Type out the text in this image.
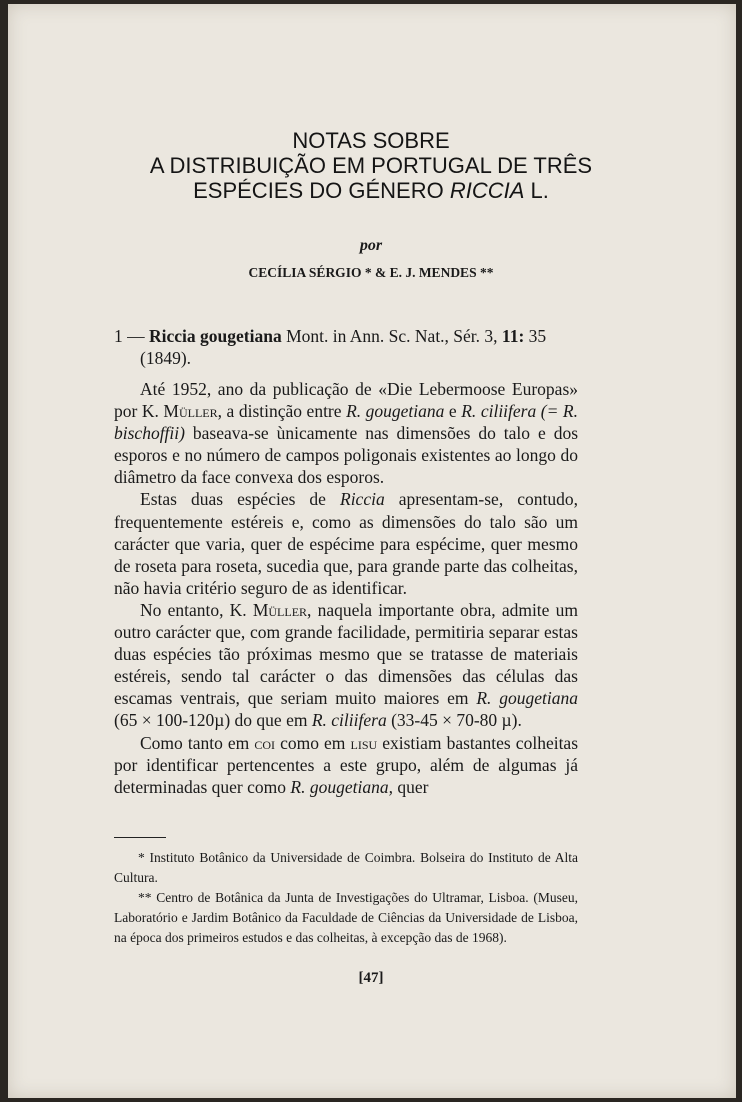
NOTAS SOBRE
A DISTRIBUIÇÃO EM PORTUGAL DE TRÊS
ESPÉCIES DO GÉNERO RICCIA L.
por
CECÍLIA SÉRGIO * & E. J. MENDES **
1 — Riccia gougetiana Mont. in Ann. Sc. Nat., Sér. 3, 11: 35
(1849).

Até 1952, ano da publicação de «Die Lebermoose Europas» por K. Müller, a distinção entre R. gougetiana e R. ciliifera (= R. bischoffii) baseava-se ùnicamente nas dimensões do talo e dos esporos e no número de campos poligonais existentes ao longo do diâmetro da face convexa dos esporos.

Estas duas espécies de Riccia apresentam-se, contudo, frequentemente estéreis e, como as dimensões do talo são um carácter que varia, quer de espécime para espécime, quer mesmo de roseta para roseta, sucedia que, para grande parte das colheitas, não havia critério seguro de as identificar.

No entanto, K. Müller, naquela importante obra, admite um outro carácter que, com grande facilidade, permitiria separar estas duas espécies tão próximas mesmo que se tratasse de materiais estéreis, sendo tal carácter o das dimensões das células das escamas ventrais, que seriam muito maiores em R. gougetiana (65 × 100-120µ) do que em R. ciliifera (33-45 × 70-80 µ).

Como tanto em coi como em lisu existiam bastantes colheitas por identificar pertencentes a este grupo, além de algumas já determinadas quer como R. gougetiana, quer

* Instituto Botânico da Universidade de Coimbra. Bolseira do Instituto de Alta Cultura.

** Centro de Botânica da Junta de Investigações do Ultramar, Lisboa. (Museu, Laboratório e Jardim Botânico da Faculdade de Ciências da Universidade de Lisboa, na época dos primeiros estudos e das colheitas, à excepção das de 1968).

[47]
